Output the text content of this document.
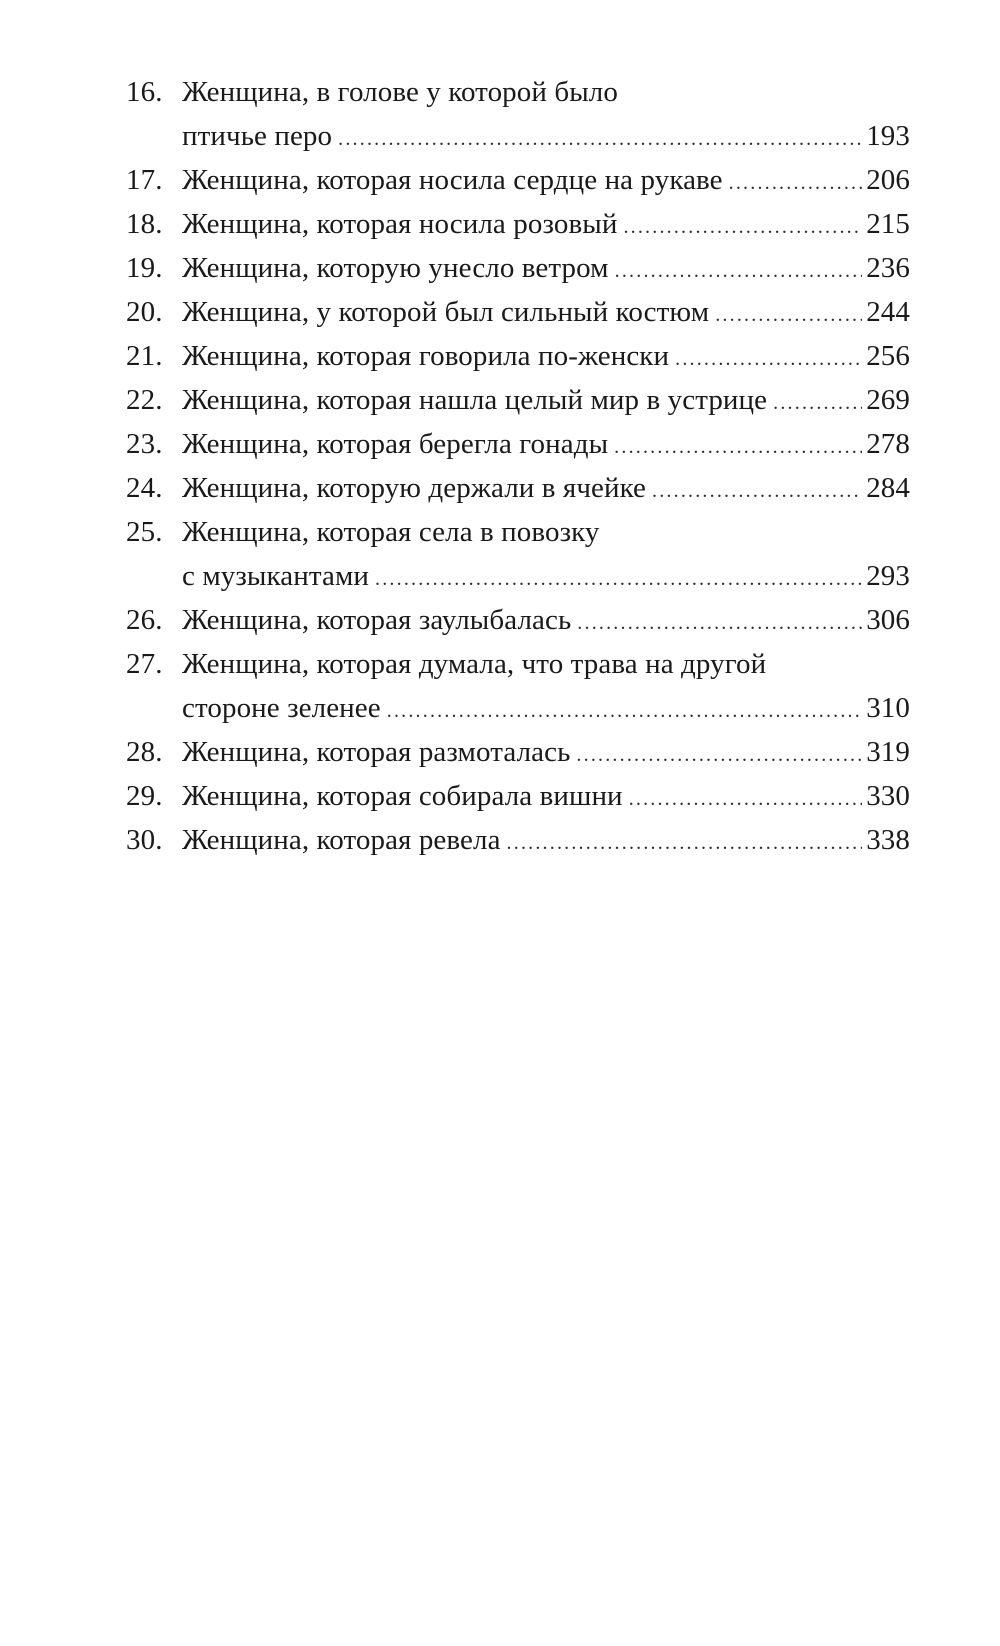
16. Женщина, в голове у которой было
птичье перо .....	193
17. Женщина, которая носила сердце на рукаве .....	206
18. Женщина, которая носила розовый .....	215
19. Женщина, которую унесло ветром .....	236
20. Женщина, у которой был сильный костюм .....	244
21. Женщина, которая говорила по-женски .....	256
22. Женщина, которая нашла целый мир в устрице .....	269
23. Женщина, которая берегла гонады .....	278
24. Женщина, которую держали в ячейке .....	284
25. Женщина, которая села в повозку
с музыкантами .....	293
26. Женщина, которая заулыбалась .....	306
27. Женщина, которая думала, что трава на другой
стороне зеленее .....	310
28. Женщина, которая размоталась .....	319
29. Женщина, которая собирала вишни .....	330
30. Женщина, которая ревела .....	338
